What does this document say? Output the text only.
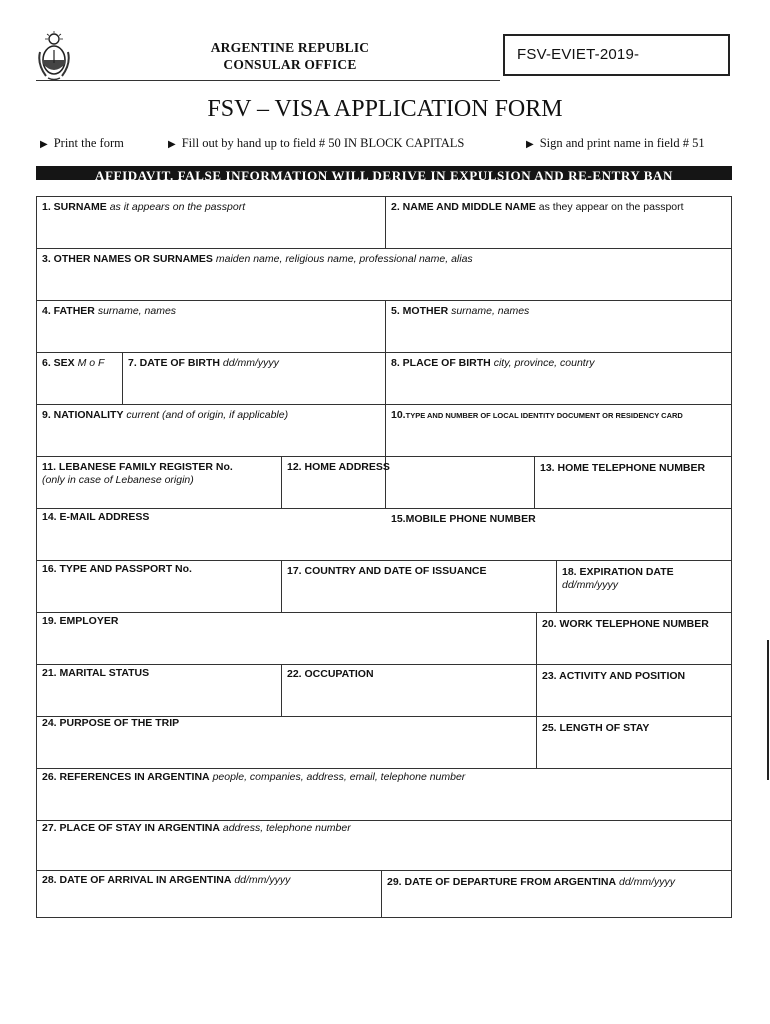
ARGENTINE REPUBLIC
CONSULAR OFFICE
FSV-EVIET-2019-
FSV – VISA APPLICATION FORM
▶ Print the form	▶ Fill out by hand up to field # 50 IN BLOCK CAPITALS	▶ Sign and print name in field # 51
AFFIDAVIT. FALSE INFORMATION WILL DERIVE IN EXPULSION AND RE-ENTRY BAN
1. SURNAME as it appears on the passport	2. NAME AND MIDDLE NAME as they appear on the passport
3. OTHER NAMES OR SURNAMES maiden name, religious name, professional name, alias
4. FATHER surname, names	5. MOTHER surname, names
6. SEX M o F 7. DATE OF BIRTH dd/mm/yyyy	8. PLACE OF BIRTH city, province, country
9. NATIONALITY current (and of origin, if applicable)	10.TYPE AND NUMBER OF LOCAL IDENTITY DOCUMENT OR RESIDENCY CARD
11. LEBANESE FAMILY REGISTER No.
(only in case of Lebanese origin)
12. HOME ADDRESS	13. HOME TELEPHONE NUMBER
14. E-MAIL ADDRESS	15.MOBILE PHONE NUMBER
16. TYPE AND PASSPORT No.	17. COUNTRY AND DATE OF ISSUANCE	18. EXPIRATION DATE
dd/mm/yyyy
19. EMPLOYER	20. WORK TELEPHONE NUMBER
21. MARITAL STATUS	22. OCCUPATION	23. ACTIVITY AND POSITION
24. PURPOSE OF THE TRIP	25. LENGTH OF STAY
26. REFERENCES IN ARGENTINA people, companies, address, email, telephone number
27. PLACE OF STAY IN ARGENTINA address, telephone number
28. DATE OF ARRIVAL IN ARGENTINA dd/mm/yyyy	29. DATE OF DEPARTURE FROM ARGENTINA dd/mm/yyyy
